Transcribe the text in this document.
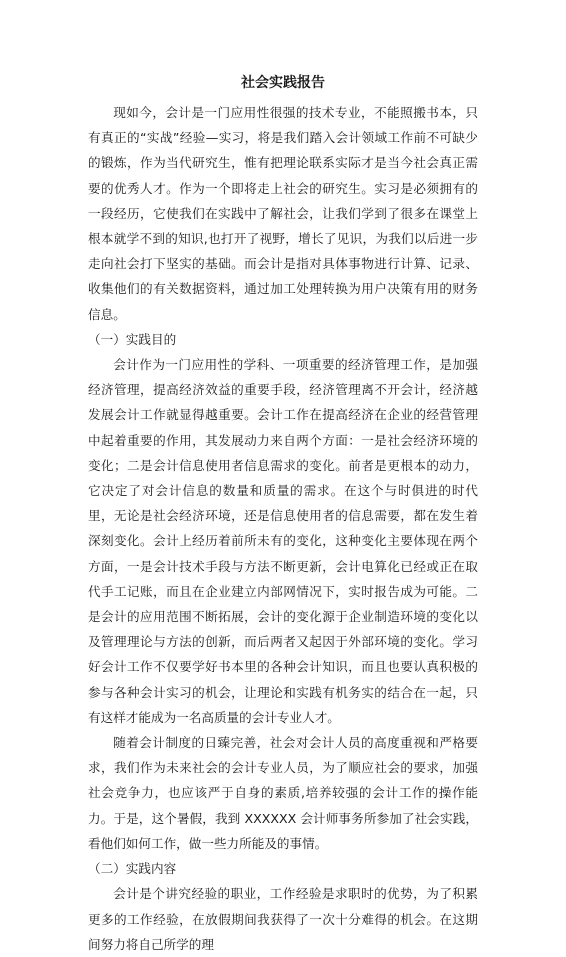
社会实践报告

现如今，会计是一门应用性很强的技术专业，不能照搬书本，只有真正的“实战”经验—实习，将是我们踏入会计领域工作前不可缺少的锻炼，作为当代研究生，惟有把理论联系实际才是当今社会真正需要的优秀人才。作为一个即将走上社会的研究生。实习是必须拥有的一段经历，它使我们在实践中了解社会，让我们学到了很多在课堂上根本就学不到的知识,也打开了视野，增长了见识，为我们以后进一步走向社会打下坚实的基础。而会计是指对具体事物进行计算、记录、收集他们的有关数据资料，通过加工处理转换为用户决策有用的财务信息。

（一）实践目的

会计作为一门应用性的学科、一项重要的经济管理工作，是加强经济管理，提高经济效益的重要手段，经济管理离不开会计，经济越发展会计工作就显得越重要。会计工作在提高经济在企业的经营管理中起着重要的作用，其发展动力来自两个方面：一是社会经济环境的变化；二是会计信息使用者信息需求的变化。前者是更根本的动力，它决定了对会计信息的数量和质量的需求。在这个与时俱进的时代里，无论是社会经济环境，还是信息使用者的信息需要，都在发生着深刻变化。会计上经历着前所未有的变化，这种变化主要体现在两个方面，一是会计技术手段与方法不断更新，会计电算化已经或正在取代手工记账，而且在企业建立内部网情况下，实时报告成为可能。二是会计的应用范围不断拓展，会计的变化源于企业制造环境的变化以及管理理论与方法的创新，而后两者又起因于外部环境的变化。学习好会计工作不仅要学好书本里的各种会计知识，而且也要认真积极的参与各种会计实习的机会，让理论和实践有机务实的结合在一起，只有这样才能成为一名高质量的会计专业人才。

随着会计制度的日臻完善，社会对会计人员的高度重视和严格要求，我们作为未来社会的会计专业人员，为了顺应社会的要求，加强社会竞争力，也应该严于自身的素质,培养较强的会计工作的操作能力。于是，这个暑假，我到 XXXXXX 会计师事务所参加了社会实践，看他们如何工作，做一些力所能及的事情。

（二）实践内容

会计是个讲究经验的职业，工作经验是求职时的优势，为了积累更多的工作经验，在放假期间我获得了一次十分难得的机会。在这期间努力将自己所学的理
